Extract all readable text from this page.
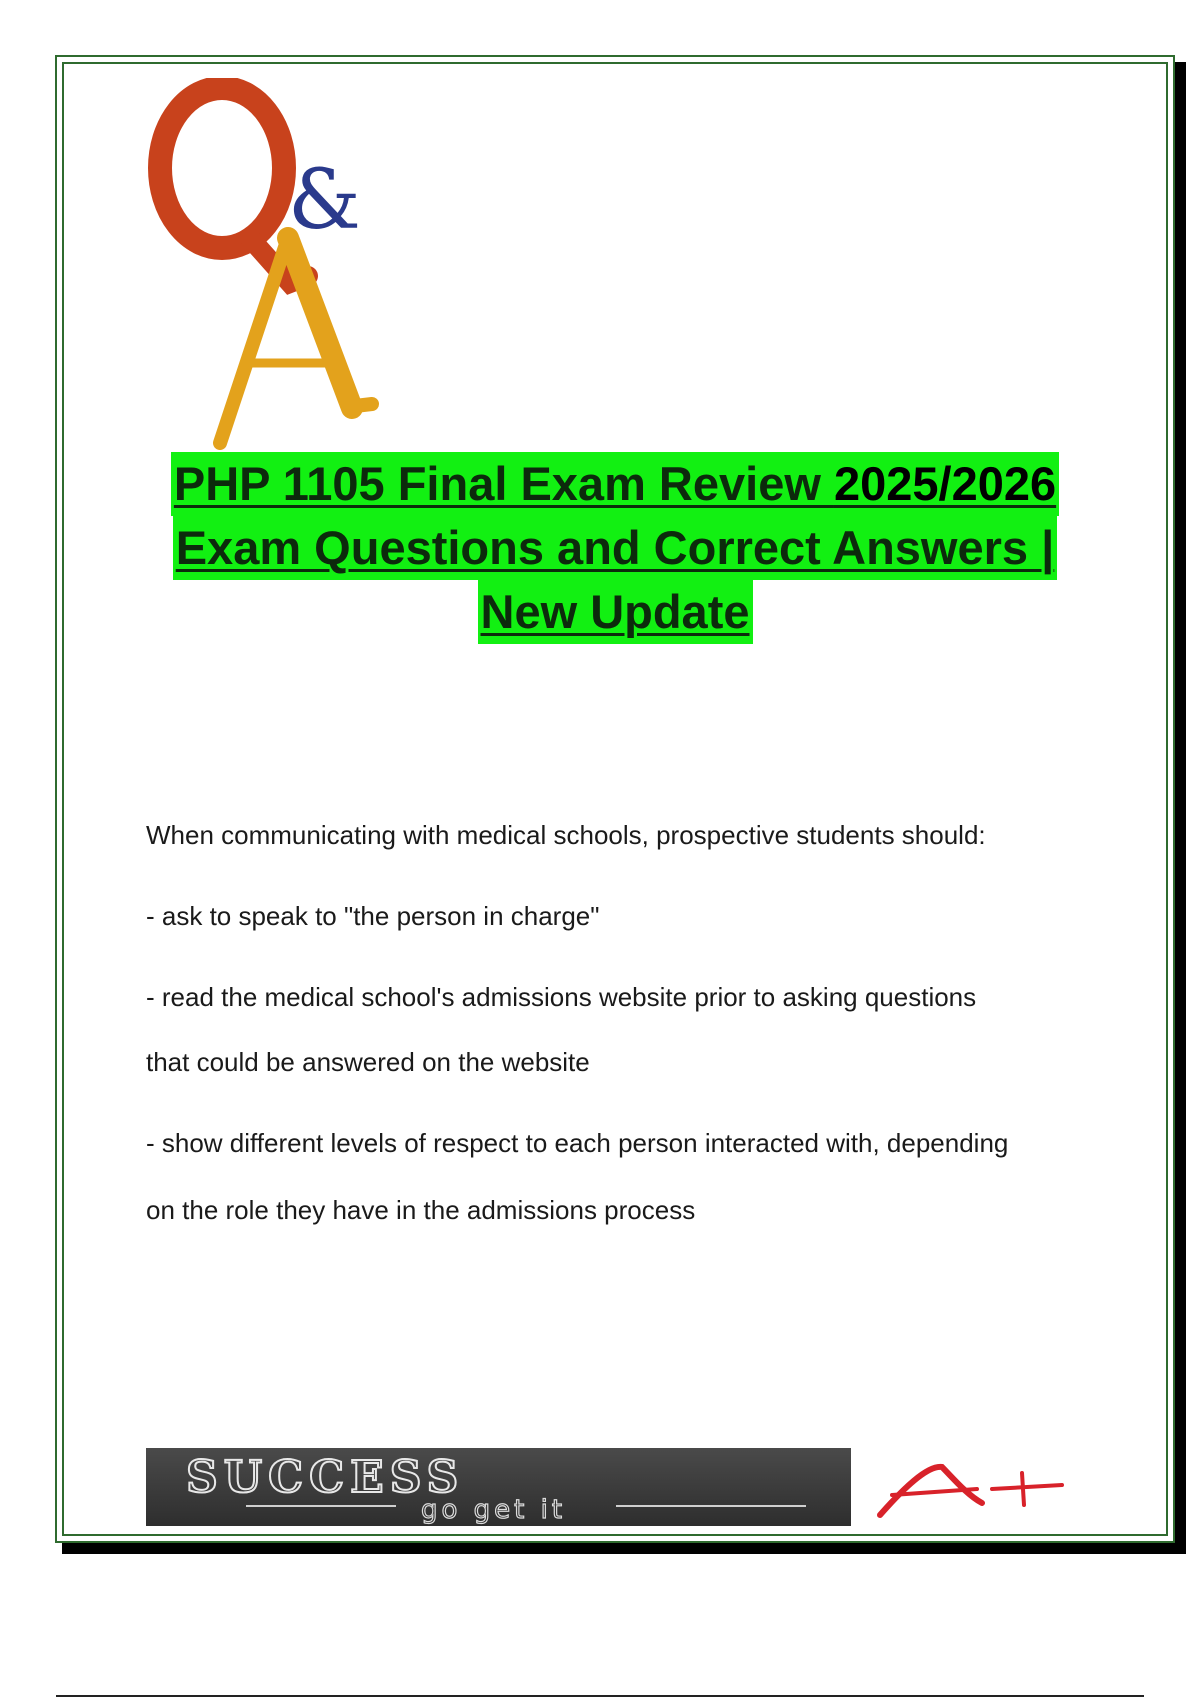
&
PHP 1105 Final Exam Review 2025/2026
Exam Questions and Correct Answers |
New Update

When communicating with medical schools, prospective students should:

- ask to speak to "the person in charge"

- read the medical school's admissions website prior to asking questions

that could be answered on the website

- show different levels of respect to each person interacted with, depending

on the role they have in the admissions process

SUCCESS
go get it
